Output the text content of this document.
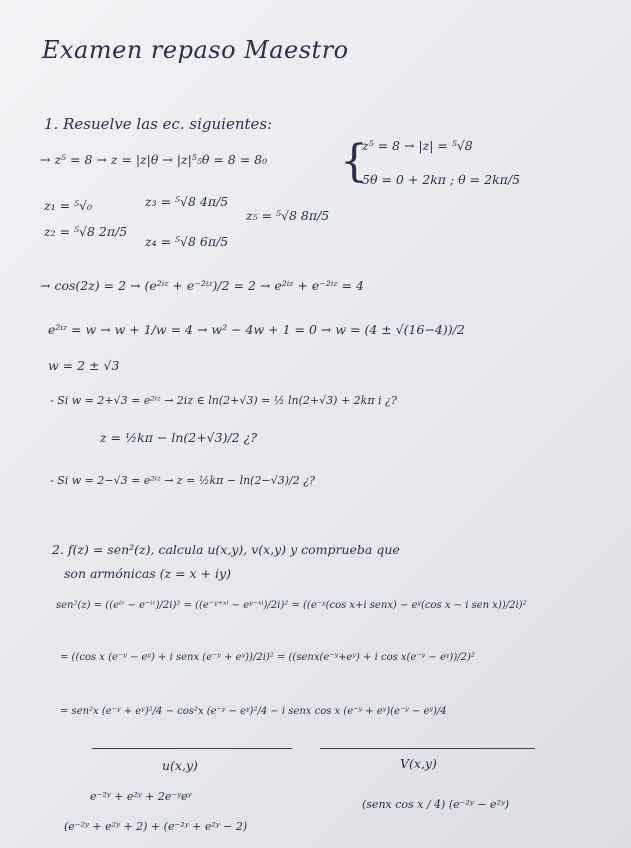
Examen repaso Maestro
1. Resuelve las ec. siguientes:
→ z⁵ = 8 → z = |z|θ → |z|⁵₅θ = 8 = 8₀ {
z⁵ = 8 → |z| = ⁵√8
5θ = 0 + 2kπ ; θ = 2kπ/5
z₁ = ⁵√₀	z₃ = ⁵√8 4π/5
z₅ = ⁵√8 8π/5
z₂ = ⁵√8 2π/5
z₄ = ⁵√8 6π/5
→ cos(2z) = 2 → (e²ⁱᶻ + e⁻²ⁱᶻ)/2 = 2 → e²ⁱᶻ + e⁻²ⁱᶻ = 4
e²ⁱᶻ = w → w + 1/w = 4 → w² − 4w + 1 = 0 → w = (4 ± √(16−4))/2
w = 2 ± √3
- Si w = 2+√3 = e²ⁱᶻ → 2iz ∈ ln(2+√3) = ½ ln(2+√3) + 2kπ i ¿?
z = ½kπ − ln(2+√3)/2 ¿?
- Si w = 2−√3 = e²ⁱᶻ → z = ½kπ − ln(2−√3)/2 ¿?
2. f(z) = sen²(z), calcula u(x,y), v(x,y) y comprueba que
son armónicas (z = x + iy)
sen²(z) = ((eⁱᶻ − e⁻ⁱᶻ)/2i)² = ((e⁻ʸ⁺ˣⁱ − eʸ⁻ˣⁱ)/2i)² = ((e⁻ʸ(cos x+i senx) − eʸ(cos x − i sen x))/2i)²
= ((cos x (e⁻ʸ − eʸ) + i senx (e⁻ʸ + eʸ))/2i)² = ((senx(e⁻ʸ+eʸ) + i cos x(e⁻ʸ − eʸ))/2)²
= sen²x (e⁻ʸ + eʸ)²/4 − cos²x (e⁻ʸ − eʸ)²/4 − i senx cos x (e⁻ʸ + eʸ)(e⁻ʸ − eʸ)/4
u(x,y)	V(x,y)
e⁻²ʸ + e²ʸ + 2e⁻ʸeʸ
(e⁻²ʸ + e²ʸ + 2) + (e⁻²ʸ + e²ʸ − 2)
(senx cos x / 4) (e⁻²ʸ − e²ʸ)
